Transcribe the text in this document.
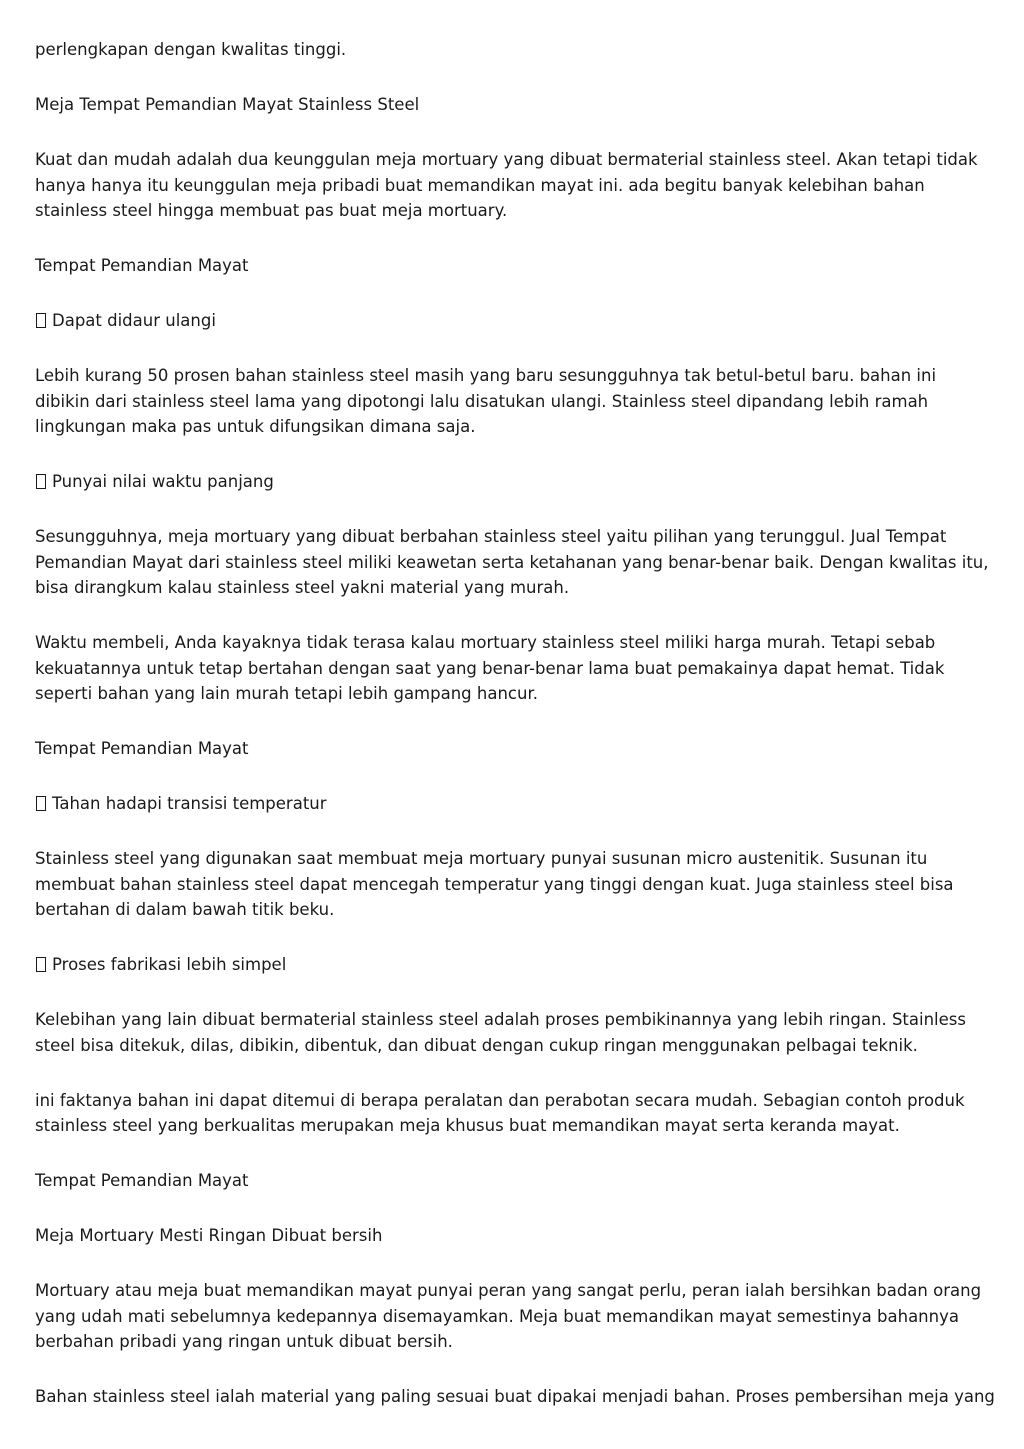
perlengkapan dengan kwalitas tinggi.

Meja Tempat Pemandian Mayat Stainless Steel

Kuat dan mudah adalah dua keunggulan meja mortuary yang dibuat bermaterial stainless steel. Akan tetapi tidak hanya hanya itu keunggulan meja pribadi buat memandikan mayat ini. ada begitu banyak kelebihan bahan stainless steel hingga membuat pas buat meja mortuary.

Tempat Pemandian Mayat

Dapat didaur ulangi

Lebih kurang 50 prosen bahan stainless steel masih yang baru sesungguhnya tak betul-betul baru. bahan ini dibikin dari stainless steel lama yang dipotongi lalu disatukan ulangi. Stainless steel dipandang lebih ramah lingkungan maka pas untuk difungsikan dimana saja.

Punyai nilai waktu panjang

Sesungguhnya, meja mortuary yang dibuat berbahan stainless steel yaitu pilihan yang terunggul. Jual Tempat Pemandian Mayat dari stainless steel miliki keawetan serta ketahanan yang benar-benar baik. Dengan kwalitas itu, bisa dirangkum kalau stainless steel yakni material yang murah.

Waktu membeli, Anda kayaknya tidak terasa kalau mortuary stainless steel miliki harga murah. Tetapi sebab kekuatannya untuk tetap bertahan dengan saat yang benar-benar lama buat pemakainya dapat hemat. Tidak seperti bahan yang lain murah tetapi lebih gampang hancur.

Tempat Pemandian Mayat

Tahan hadapi transisi temperatur

Stainless steel yang digunakan saat membuat meja mortuary punyai susunan micro austenitik. Susunan itu membuat bahan stainless steel dapat mencegah temperatur yang tinggi dengan kuat. Juga stainless steel bisa bertahan di dalam bawah titik beku.

Proses fabrikasi lebih simpel

Kelebihan yang lain dibuat bermaterial stainless steel adalah proses pembikinannya yang lebih ringan. Stainless steel bisa ditekuk, dilas, dibikin, dibentuk, dan dibuat dengan cukup ringan menggunakan pelbagai teknik.

ini faktanya bahan ini dapat ditemui di berapa peralatan dan perabotan secara mudah. Sebagian contoh produk stainless steel yang berkualitas merupakan meja khusus buat memandikan mayat serta keranda mayat.

Tempat Pemandian Mayat

Meja Mortuary Mesti Ringan Dibuat bersih

Mortuary atau meja buat memandikan mayat punyai peran yang sangat perlu, peran ialah bersihkan badan orang yang udah mati sebelumnya kedepannya disemayamkan. Meja buat memandikan mayat semestinya bahannya berbahan pribadi yang ringan untuk dibuat bersih.

Bahan stainless steel ialah material yang paling sesuai buat dipakai menjadi bahan. Proses pembersihan meja yang
